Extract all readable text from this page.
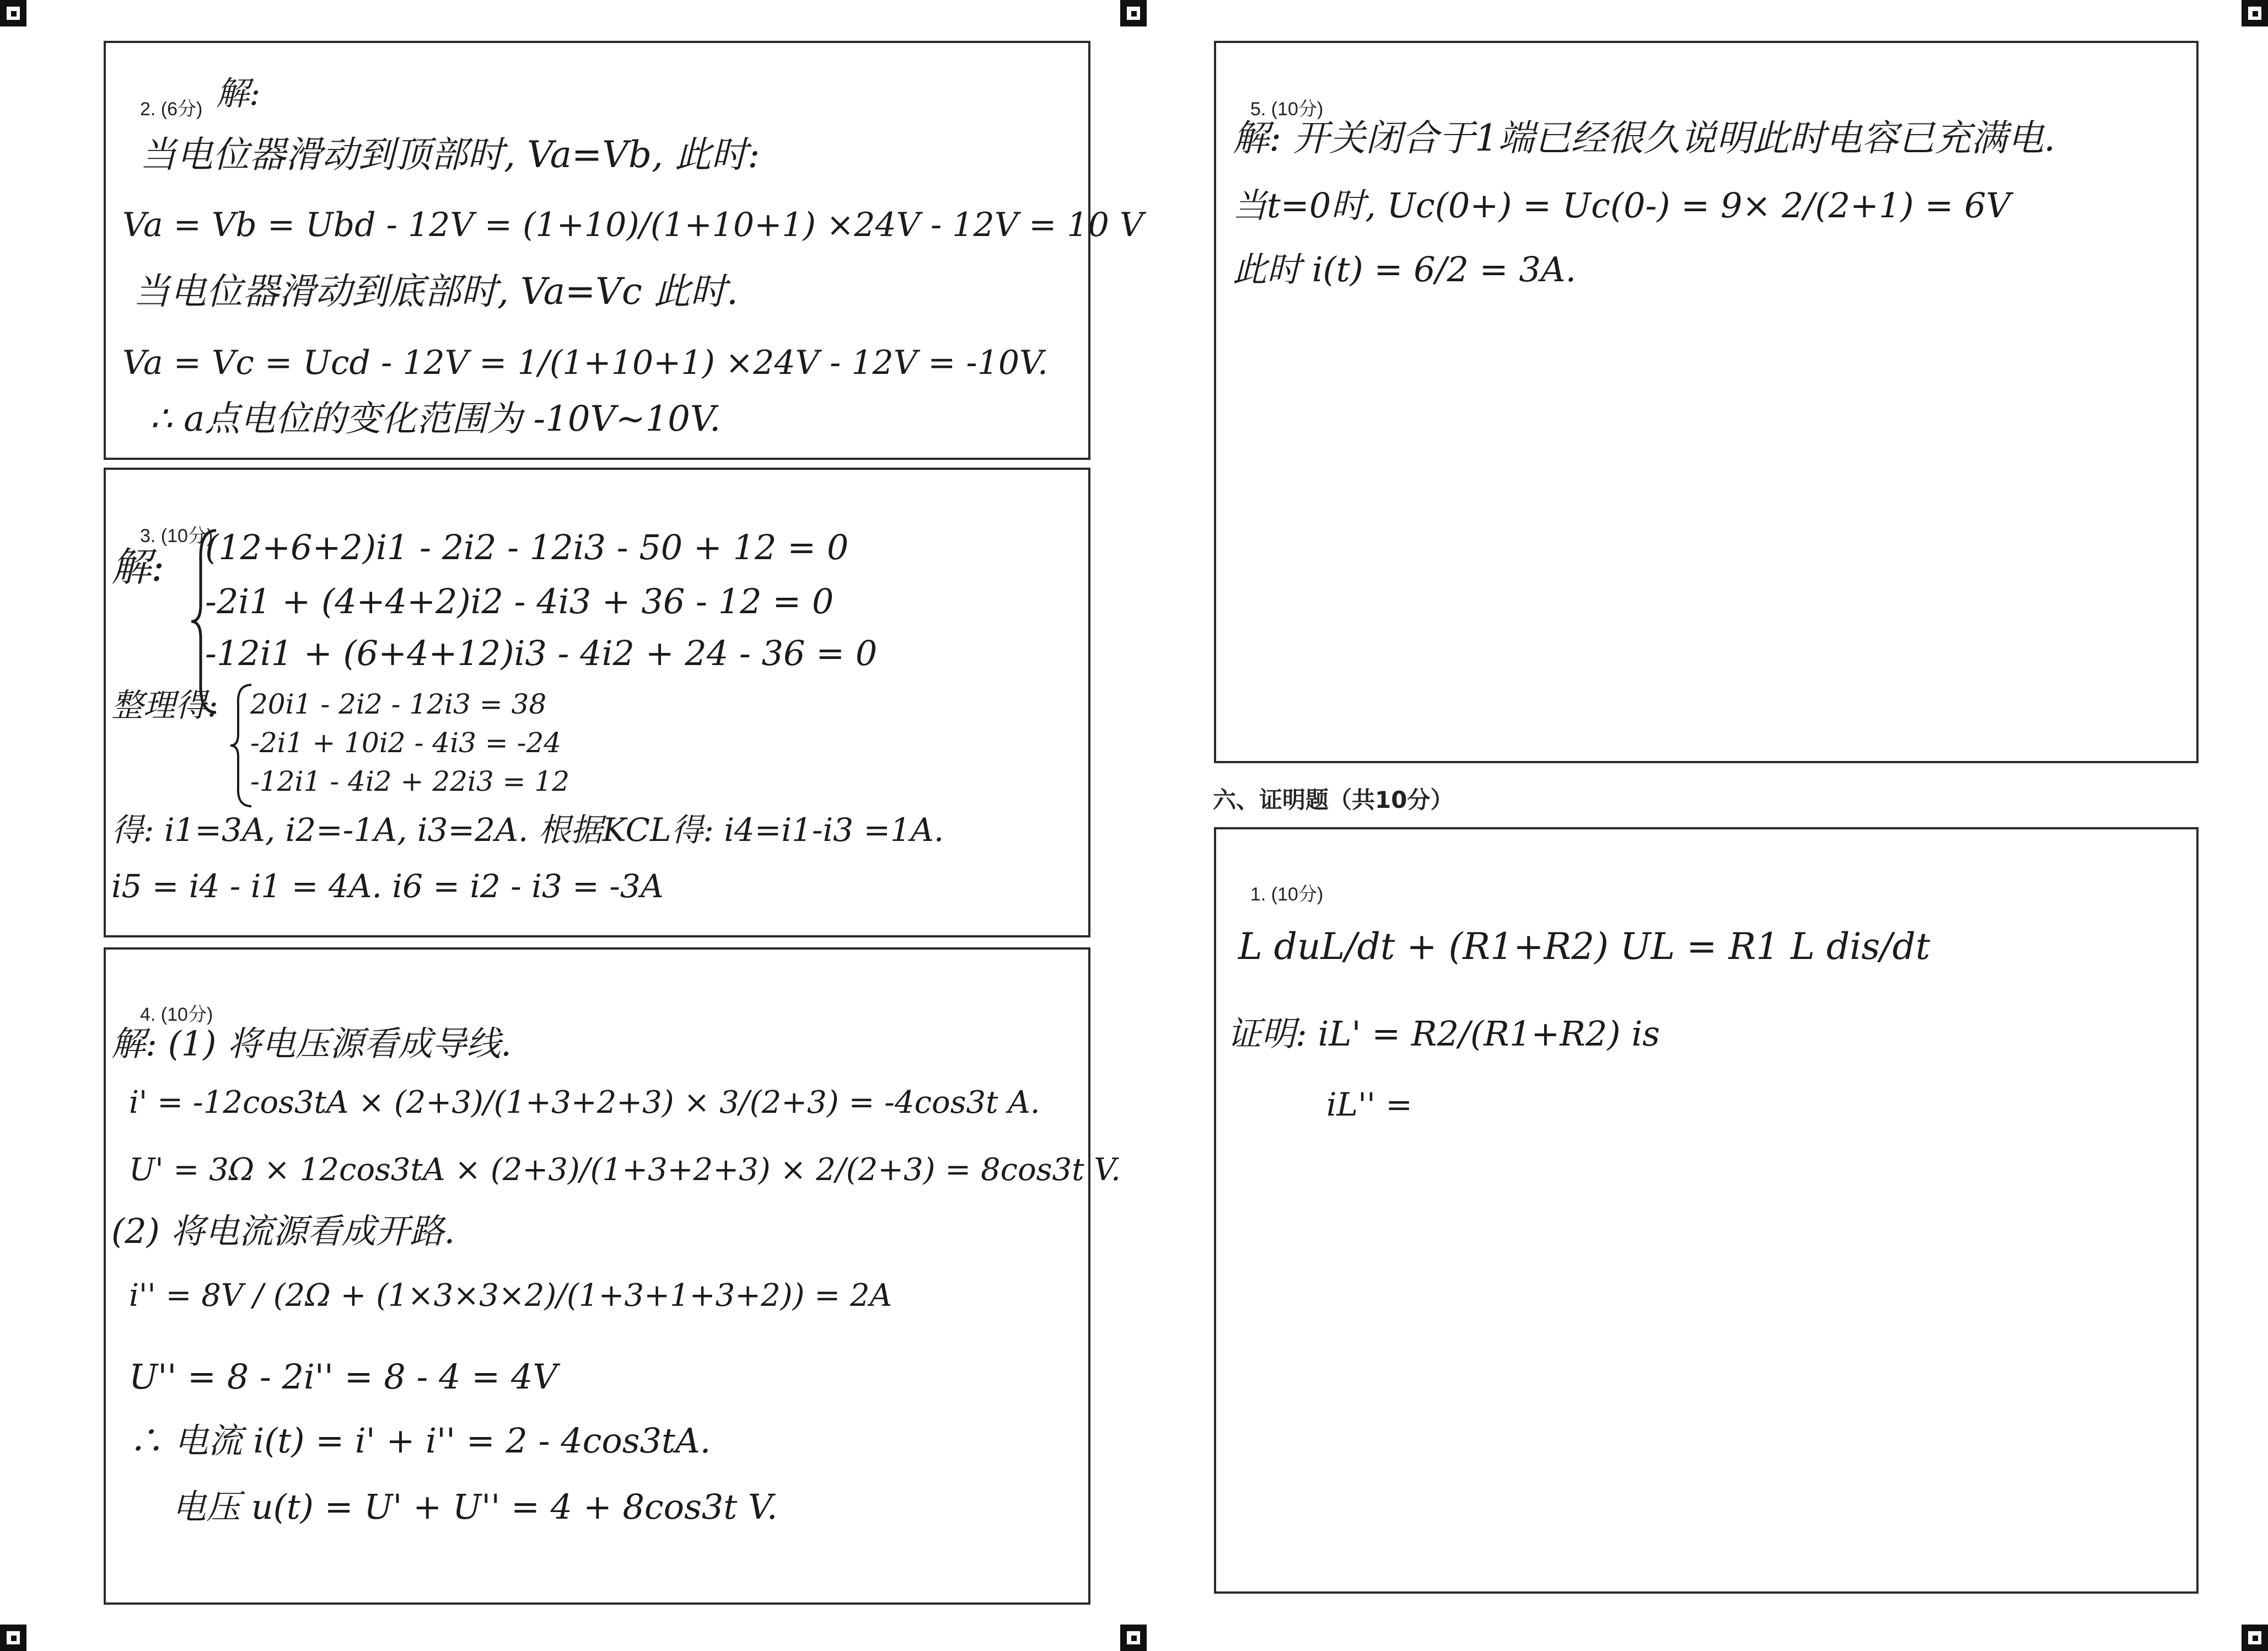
2. (6分) 解:
当电位器滑动到顶部时, Va=Vb, 此时:
Va = Vb = Ubd - 12V = (1+10)/(1+10+1) ×24V - 12V = 10 V
当电位器滑动到底部时, Va=Vc 此时.
Va = Vc = Ucd - 12V = 1/(1+10+1) ×24V - 12V = -10V.
∴ a点电位的变化范围为 -10V~10V.
3. (10分)
解: (12+6+2)i1 - 2i2 - 12i3 - 50 + 12 = 0
-2i1 + (4+4+2)i2 - 4i3 + 36 - 12 = 0
-12i1 + (6+4+12)i3 - 4i2 + 24 - 36 = 0
整理得: 20i1 - 2i2 - 12i3 = 38
-2i1 + 10i2 - 4i3 = -24
-12i1 - 4i2 + 22i3 = 12
得: i1=3A, i2=-1A, i3=2A. 根据KCL得: i4=i1-i3 =1A.
i5 = i4 - i1 = 4A. i6 = i2 - i3 = -3A
4. (10分)
解: (1) 将电压源看成导线.
i' = -12cos3tA × (2+3)/(1+3+2+3) × 3/(2+3) = -4cos3t A.
U' = 3Ω × 12cos3tA × (2+3)/(1+3+2+3) × 2/(2+3) = 8cos3t V.
(2) 将电流源看成开路.
i'' = 8V / (2Ω + (1×3×3×2)/(1+3+1+3+2)) = 2A
U'' = 8 - 2i'' = 8 - 4 = 4V
∴ 电流 i(t) = i' + i'' = 2 - 4cos3tA.
电压 u(t) = U' + U'' = 4 + 8cos3t V.
5. (10分)
解: 开关闭合于1端已经很久说明此时电容已充满电.
当t=0时, Uc(0+) = Uc(0-) = 9× 2/(2+1) = 6V
此时 i(t) = 6/2 = 3A.
六、证明题（共10分）
1. (10分)
L duL/dt + (R1+R2) UL = R1 L dis/dt
证明: iL' = R2/(R1+R2) is
iL'' =
